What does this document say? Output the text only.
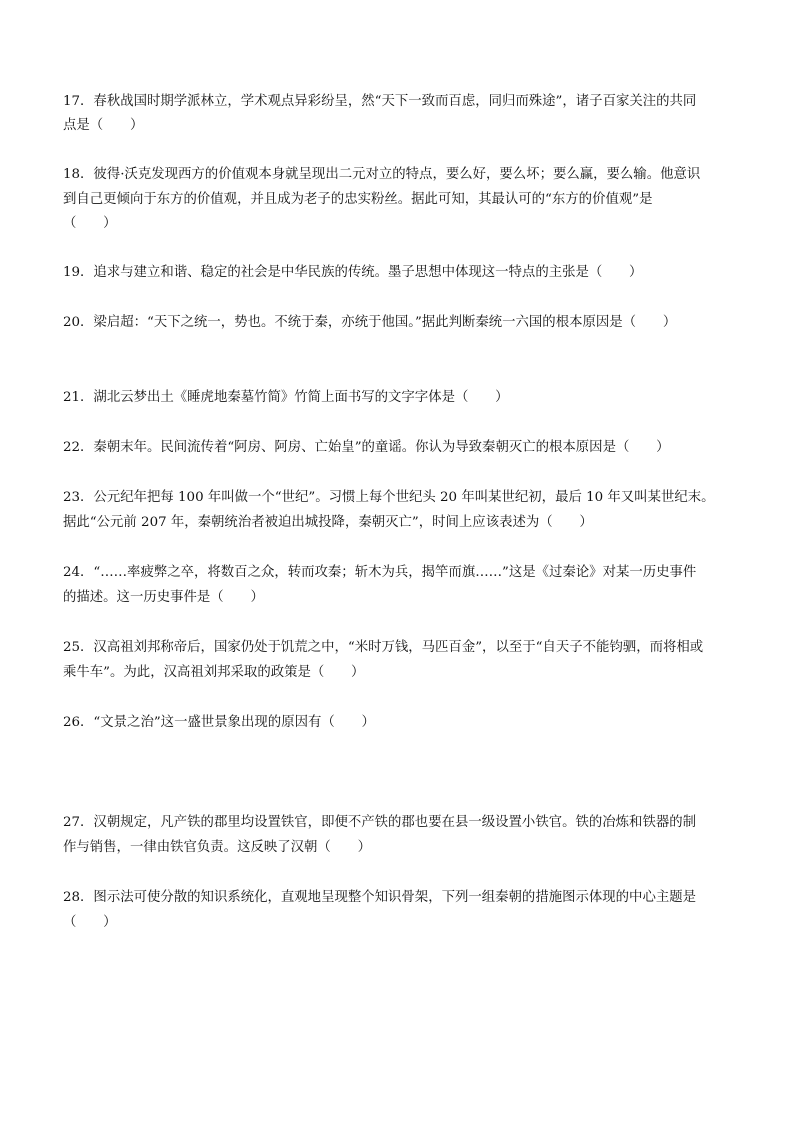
17．春秋战国时期学派林立，学术观点异彩纷呈，然“天下一致而百虑，同归而殊途”，诸子百家关注的共同
点是（　　）
18．彼得·沃克发现西方的价值观本身就呈现出二元对立的特点，要么好，要么坏；要么赢，要么输。他意识
到自己更倾向于东方的价值观，并且成为老子的忠实粉丝。据此可知，其最认可的“东方的价值观”是
（　　）
19．追求与建立和谐、稳定的社会是中华民族的传统。墨子思想中体现这一特点的主张是（　　）
20．梁启超：“天下之统一，势也。不统于秦，亦统于他国。”据此判断秦统一六国的根本原因是（　　）
21．湖北云梦出土《睡虎地秦墓竹简》竹简上面书写的文字字体是（　　）
22．秦朝末年。民间流传着“阿房、阿房、亡始皇”的童谣。你认为导致秦朝灭亡的根本原因是（　　）
23．公元纪年把每 100 年叫做一个“世纪”。习惯上每个世纪头 20 年叫某世纪初，最后 10 年又叫某世纪末。
据此“公元前 207 年，秦朝统治者被迫出城投降，秦朝灭亡”，时间上应该表述为（　　）
24．“……率疲弊之卒，将数百之众，转而攻秦；斩木为兵，揭竿而旗……”这是《过秦论》对某一历史事件
的描述。这一历史事件是（　　）
25．汉高祖刘邦称帝后，国家仍处于饥荒之中，“米时万钱，马匹百金”，以至于“自天子不能钧驷，而将相或
乘牛车”。为此，汉高祖刘邦采取的政策是（　　）
26．“文景之治”这一盛世景象出现的原因有（　　）
27．汉朝规定，凡产铁的郡里均设置铁官，即便不产铁的郡也要在县一级设置小铁官。铁的冶炼和铁器的制
作与销售，一律由铁官负责。这反映了汉朝（　　）
28．图示法可使分散的知识系统化，直观地呈现整个知识骨架，下列一组秦朝的措施图示体现的中心主题是
（　　）
